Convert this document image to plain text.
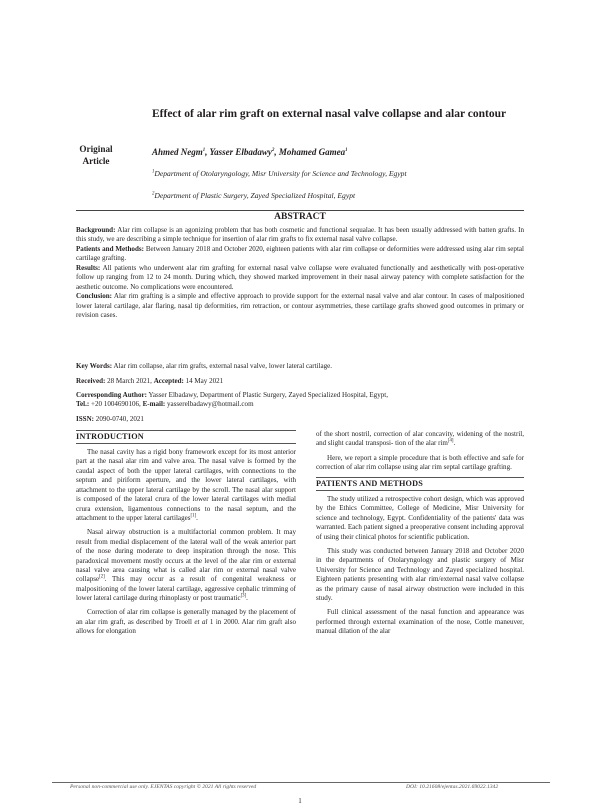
Effect of alar rim graft on external nasal valve collapse and alar contour
Original
Article
Ahmed Negm$^1$, Yasser Elbadawy$^2$, Mohamed Gamea$^1$
$^1$Department of Otolaryngology, Misr University for Science and Technology, Egypt
$^2$Department of Plastic Surgery, Zayed Specialized Hospital, Egypt
ABSTRACT

Background: Alar rim collapse is an agonizing problem that has both cosmetic and functional sequalae. It has been usually addressed with batten grafts. In this study, we are describing a simple technique for insertion of alar rim grafts to fix external nasal valve collapse.

Patients and Methods: Between January 2018 and October 2020, eighteen patients with alar rim collapse or deformities were addressed using alar rim septal cartilage grafting.

Results: All patients who underwent alar rim grafting for external nasal valve collapse were evaluated functionally and aesthetically with post-operative follow up ranging from 12 to 24 month. During which, they showed marked improvement in their nasal airway patency with complete satisfaction for the aesthetic outcome. No complications were encountered.

Conclusion: Alar rim grafting is a simple and effective approach to provide support for the external nasal valve and alar contour. In cases of malpositioned lower lateral cartilage, alar flaring, nasal tip deformities, rim retraction, or contour asymmetries, these cartilage grafts showed good outcomes in primary or revision cases.

Key Words: Alar rim collapse, alar rim grafts, external nasal valve, lower lateral cartilage.
Received: 28 March 2021, Accepted: 14 May 2021
Corresponding Author: Yasser Elbadawy, Department of Plastic Surgery, Zayed Specialized Hospital, Egypt,
Tel.: +20 1004690106, E-mail: yasserelbadawy@hotmail.com
ISSN: 2090-0740, 2021
INTRODUCTION

The nasal cavity has a rigid bony framework except for its most anterior part at the nasal alar rim and valve area. The nasal valve is formed by the caudal aspect of both the upper lateral cartilages, with connections to the septum and piriform aperture, and the lower lateral cartilages, with attachment to the upper lateral cartilage by the scroll. The nasal alar support is composed of the lateral crura of the lower lateral cartilages with medial crura extension, ligamentous connections to the nasal septum, and the attachment to the upper lateral cartilages[1].

Nasal airway obstruction is a multifactorial common problem. It may result from medial displacement of the lateral wall of the weak anterior part of the nose during moderate to deep inspiration through the nose. This paradoxical movement mostly occurs at the level of the alar rim or external nasal valve area causing what is called alar rim or external nasal valve collapse[2]. This may occur as a result of congenital weakness or malpositioning of the lower lateral cartilage, aggressive cephalic trimming of lower lateral cartilage during rhinoplasty or post traumatic[3].

Correction of alar rim collapse is generally managed by the placement of an alar rim graft, as described by Troell et al 1 in 2000. Alar rim graft also allows for elongation

of the short nostril, correction of alar concavity, widening of the nostril, and slight caudal transposi- tion of the alar rim[4].

Here, we report a simple procedure that is both effective and safe for correction of alar rim collapse using alar rim septal cartilage grafting.

PATIENTS AND METHODS

The study utilized a retrospective cohort design, which was approved by the Ethics Committee, College of Medicine, Misr University for science and technology, Egypt. Confidentiality of the patients' data was warranted. Each patient signed a preoperative consent including approval of using their clinical photos for scientific publication.

This study was conducted between January 2018 and October 2020 in the departments of Otolaryngology and plastic surgery of Misr University for Science and Technology and Zayed specialized hospital. Eighteen patients presenting with alar rim/external nasal valve collapse as the primary cause of nasal airway obstruction were included in this study.

Full clinical assessment of the nasal function and appearance was performed through external examination of the nose, Cottle maneuver, manual dilation of the alar

Personal non-commercial use only. EJENTAS copyright © 2021 All rights reserved	DOI: 10.21608/ejentas.2021.69022.1342
1
